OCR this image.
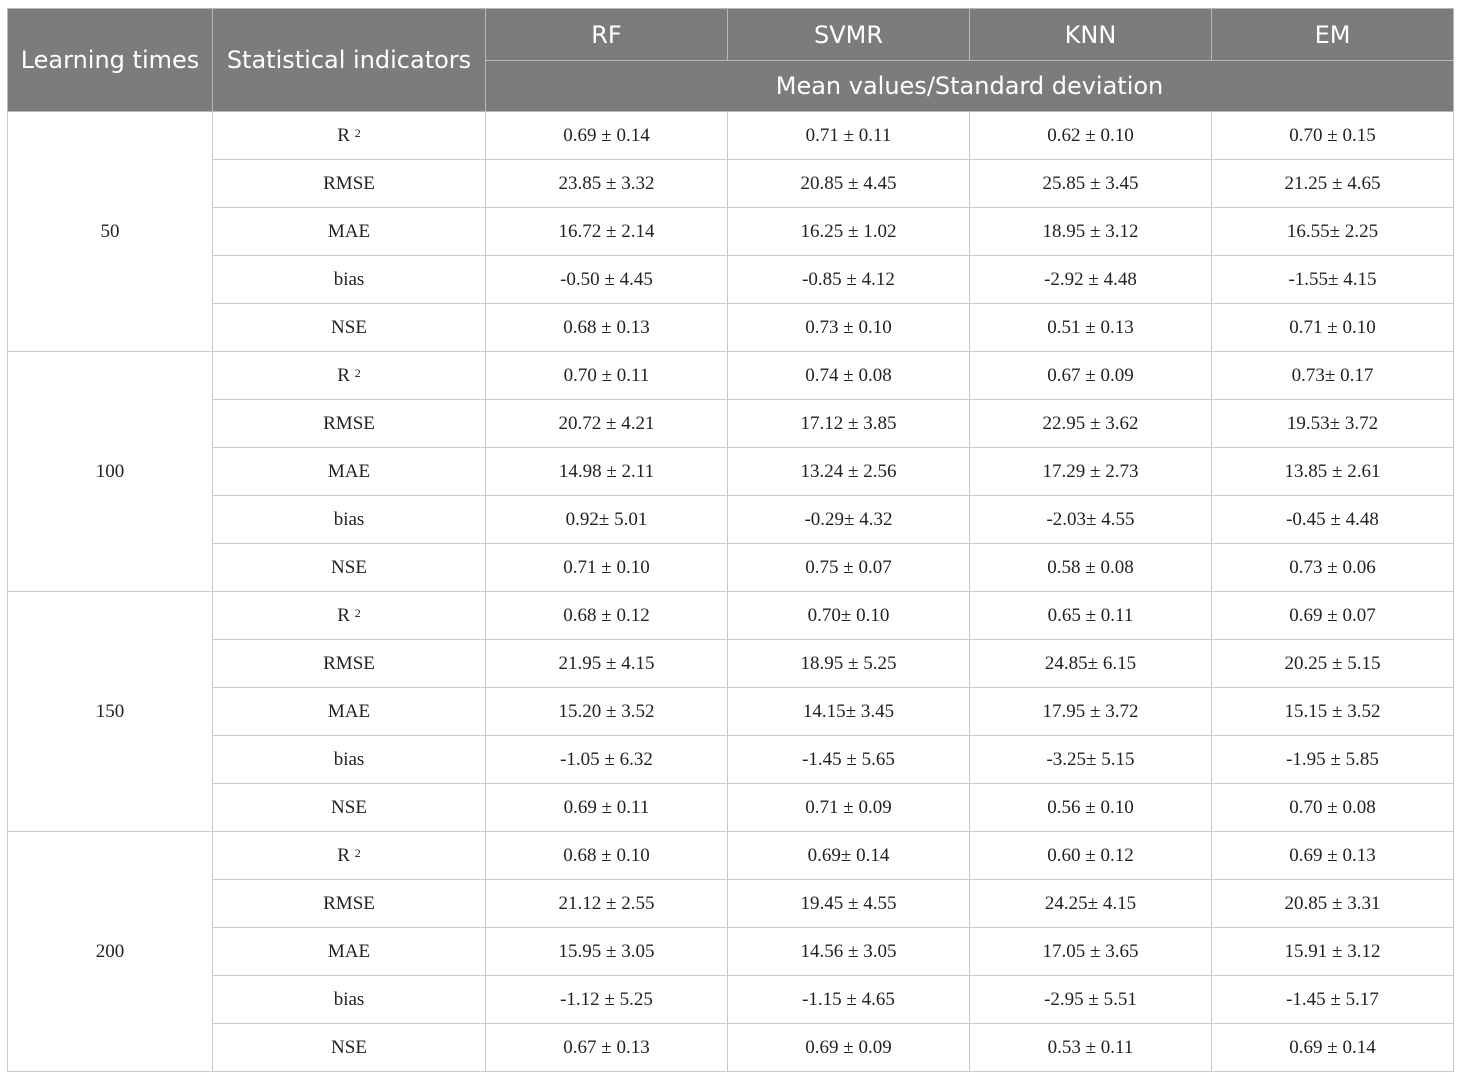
Learning times	Statistical indicators	RF	SVMR	KNN	EM
		Mean values/Standard deviation			
50	R $^2$	0.69 ± 0.14	0.71 ± 0.11	0.62 ± 0.10	0.70 ± 0.15
	RMSE	23.85 ± 3.32	20.85 ± 4.45	25.85 ± 3.45	21.25 ± 4.65
	MAE	16.72 ± 2.14	16.25 ± 1.02	18.95 ± 3.12	16.55± 2.25
	bias	-0.50 ± 4.45	-0.85 ± 4.12	-2.92 ± 4.48	-1.55± 4.15
	NSE	0.68 ± 0.13	0.73 ± 0.10	0.51 ± 0.13	0.71 ± 0.10
100	R $^2$	0.70 ± 0.11	0.74 ± 0.08	0.67 ± 0.09	0.73± 0.17
	RMSE	20.72 ± 4.21	17.12 ± 3.85	22.95 ± 3.62	19.53± 3.72
	MAE	14.98 ± 2.11	13.24 ± 2.56	17.29 ± 2.73	13.85 ± 2.61
	bias	0.92± 5.01	-0.29± 4.32	-2.03± 4.55	-0.45 ± 4.48
	NSE	0.71 ± 0.10	0.75 ± 0.07	0.58 ± 0.08	0.73 ± 0.06
150	R $^2$	0.68 ± 0.12	0.70± 0.10	0.65 ± 0.11	0.69 ± 0.07
	RMSE	21.95 ± 4.15	18.95 ± 5.25	24.85± 6.15	20.25 ± 5.15
	MAE	15.20 ± 3.52	14.15± 3.45	17.95 ± 3.72	15.15 ± 3.52
	bias	-1.05 ± 6.32	-1.45 ± 5.65	-3.25± 5.15	-1.95 ± 5.85
	NSE	0.69 ± 0.11	0.71 ± 0.09	0.56 ± 0.10	0.70 ± 0.08
200	R $^2$	0.68 ± 0.10	0.69± 0.14	0.60 ± 0.12	0.69 ± 0.13
	RMSE	21.12 ± 2.55	19.45 ± 4.55	24.25± 4.15	20.85 ± 3.31
	MAE	15.95 ± 3.05	14.56 ± 3.05	17.05 ± 3.65	15.91 ± 3.12
	bias	-1.12 ± 5.25	-1.15 ± 4.65	-2.95 ± 5.51	-1.45 ± 5.17
	NSE	0.67 ± 0.13	0.69 ± 0.09	0.53 ± 0.11	0.69 ± 0.14
